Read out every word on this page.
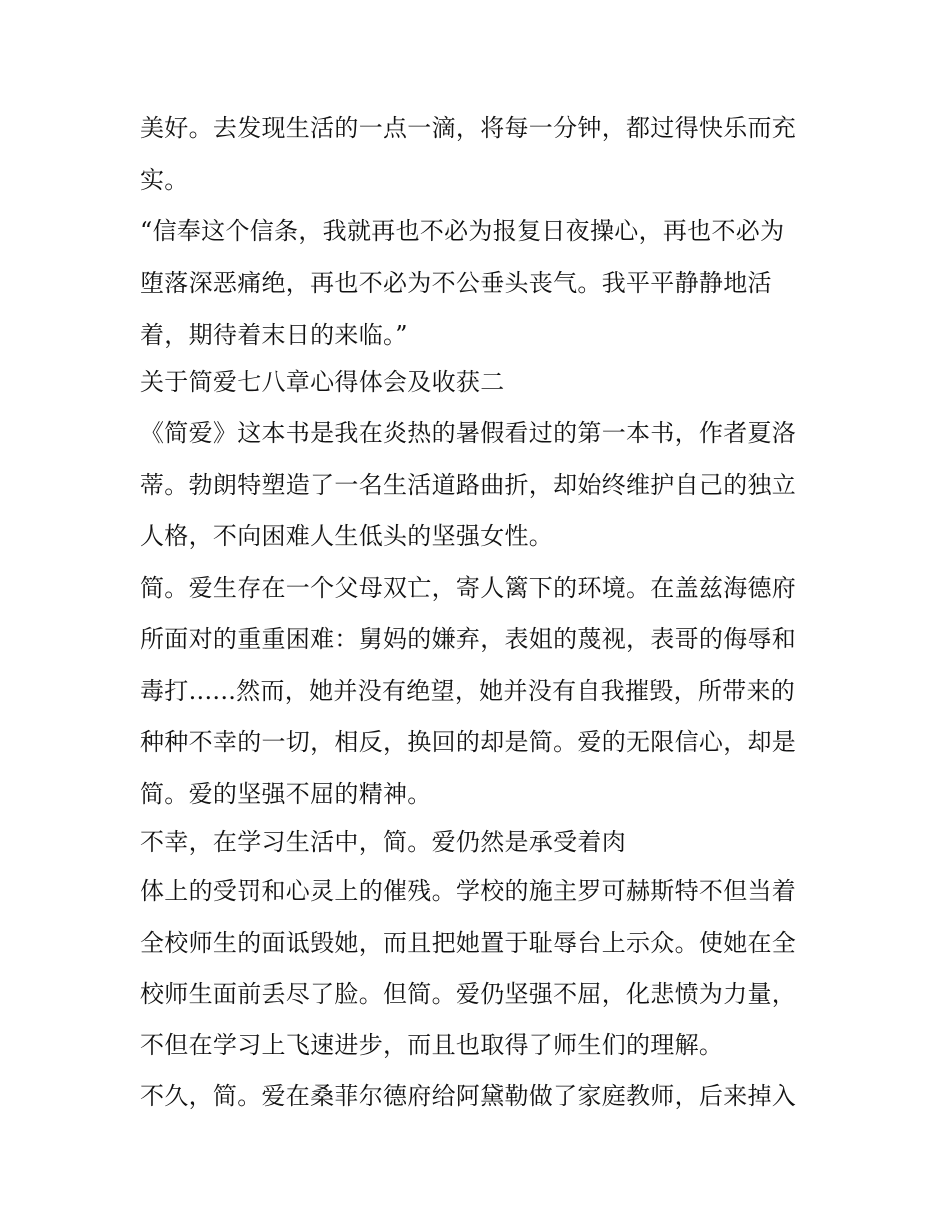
美好。去发现生活的一点一滴，将每一分钟，都过得快乐而充
实。
“信奉这个信条，我就再也不必为报复日夜操心，再也不必为
堕落深恶痛绝，再也不必为不公垂头丧气。我平平静静地活
着，期待着末日的来临。”
关于简爱七八章心得体会及收获二
《简爱》这本书是我在炎热的暑假看过的第一本书，作者夏洛
蒂。勃朗特塑造了一名生活道路曲折，却始终维护自己的独立
人格，不向困难人生低头的坚强女性。
简。爱生存在一个父母双亡，寄人篱下的环境。在盖兹海德府
所面对的重重困难：舅妈的嫌弃，表姐的蔑视，表哥的侮辱和
毒打......然而，她并没有绝望，她并没有自我摧毁，所带来的
种种不幸的一切，相反，换回的却是简。爱的无限信心，却是
简。爱的坚强不屈的精神。
不幸，在学习生活中，简。爱仍然是承受着肉
体上的受罚和心灵上的催残。学校的施主罗可赫斯特不但当着
全校师生的面诋毁她，而且把她置于耻辱台上示众。使她在全
校师生面前丢尽了脸。但简。爱仍坚强不屈，化悲愤为力量，
不但在学习上飞速进步，而且也取得了师生们的理解。
不久，简。爱在桑菲尔德府给阿黛勒做了家庭教师，后来掉入
